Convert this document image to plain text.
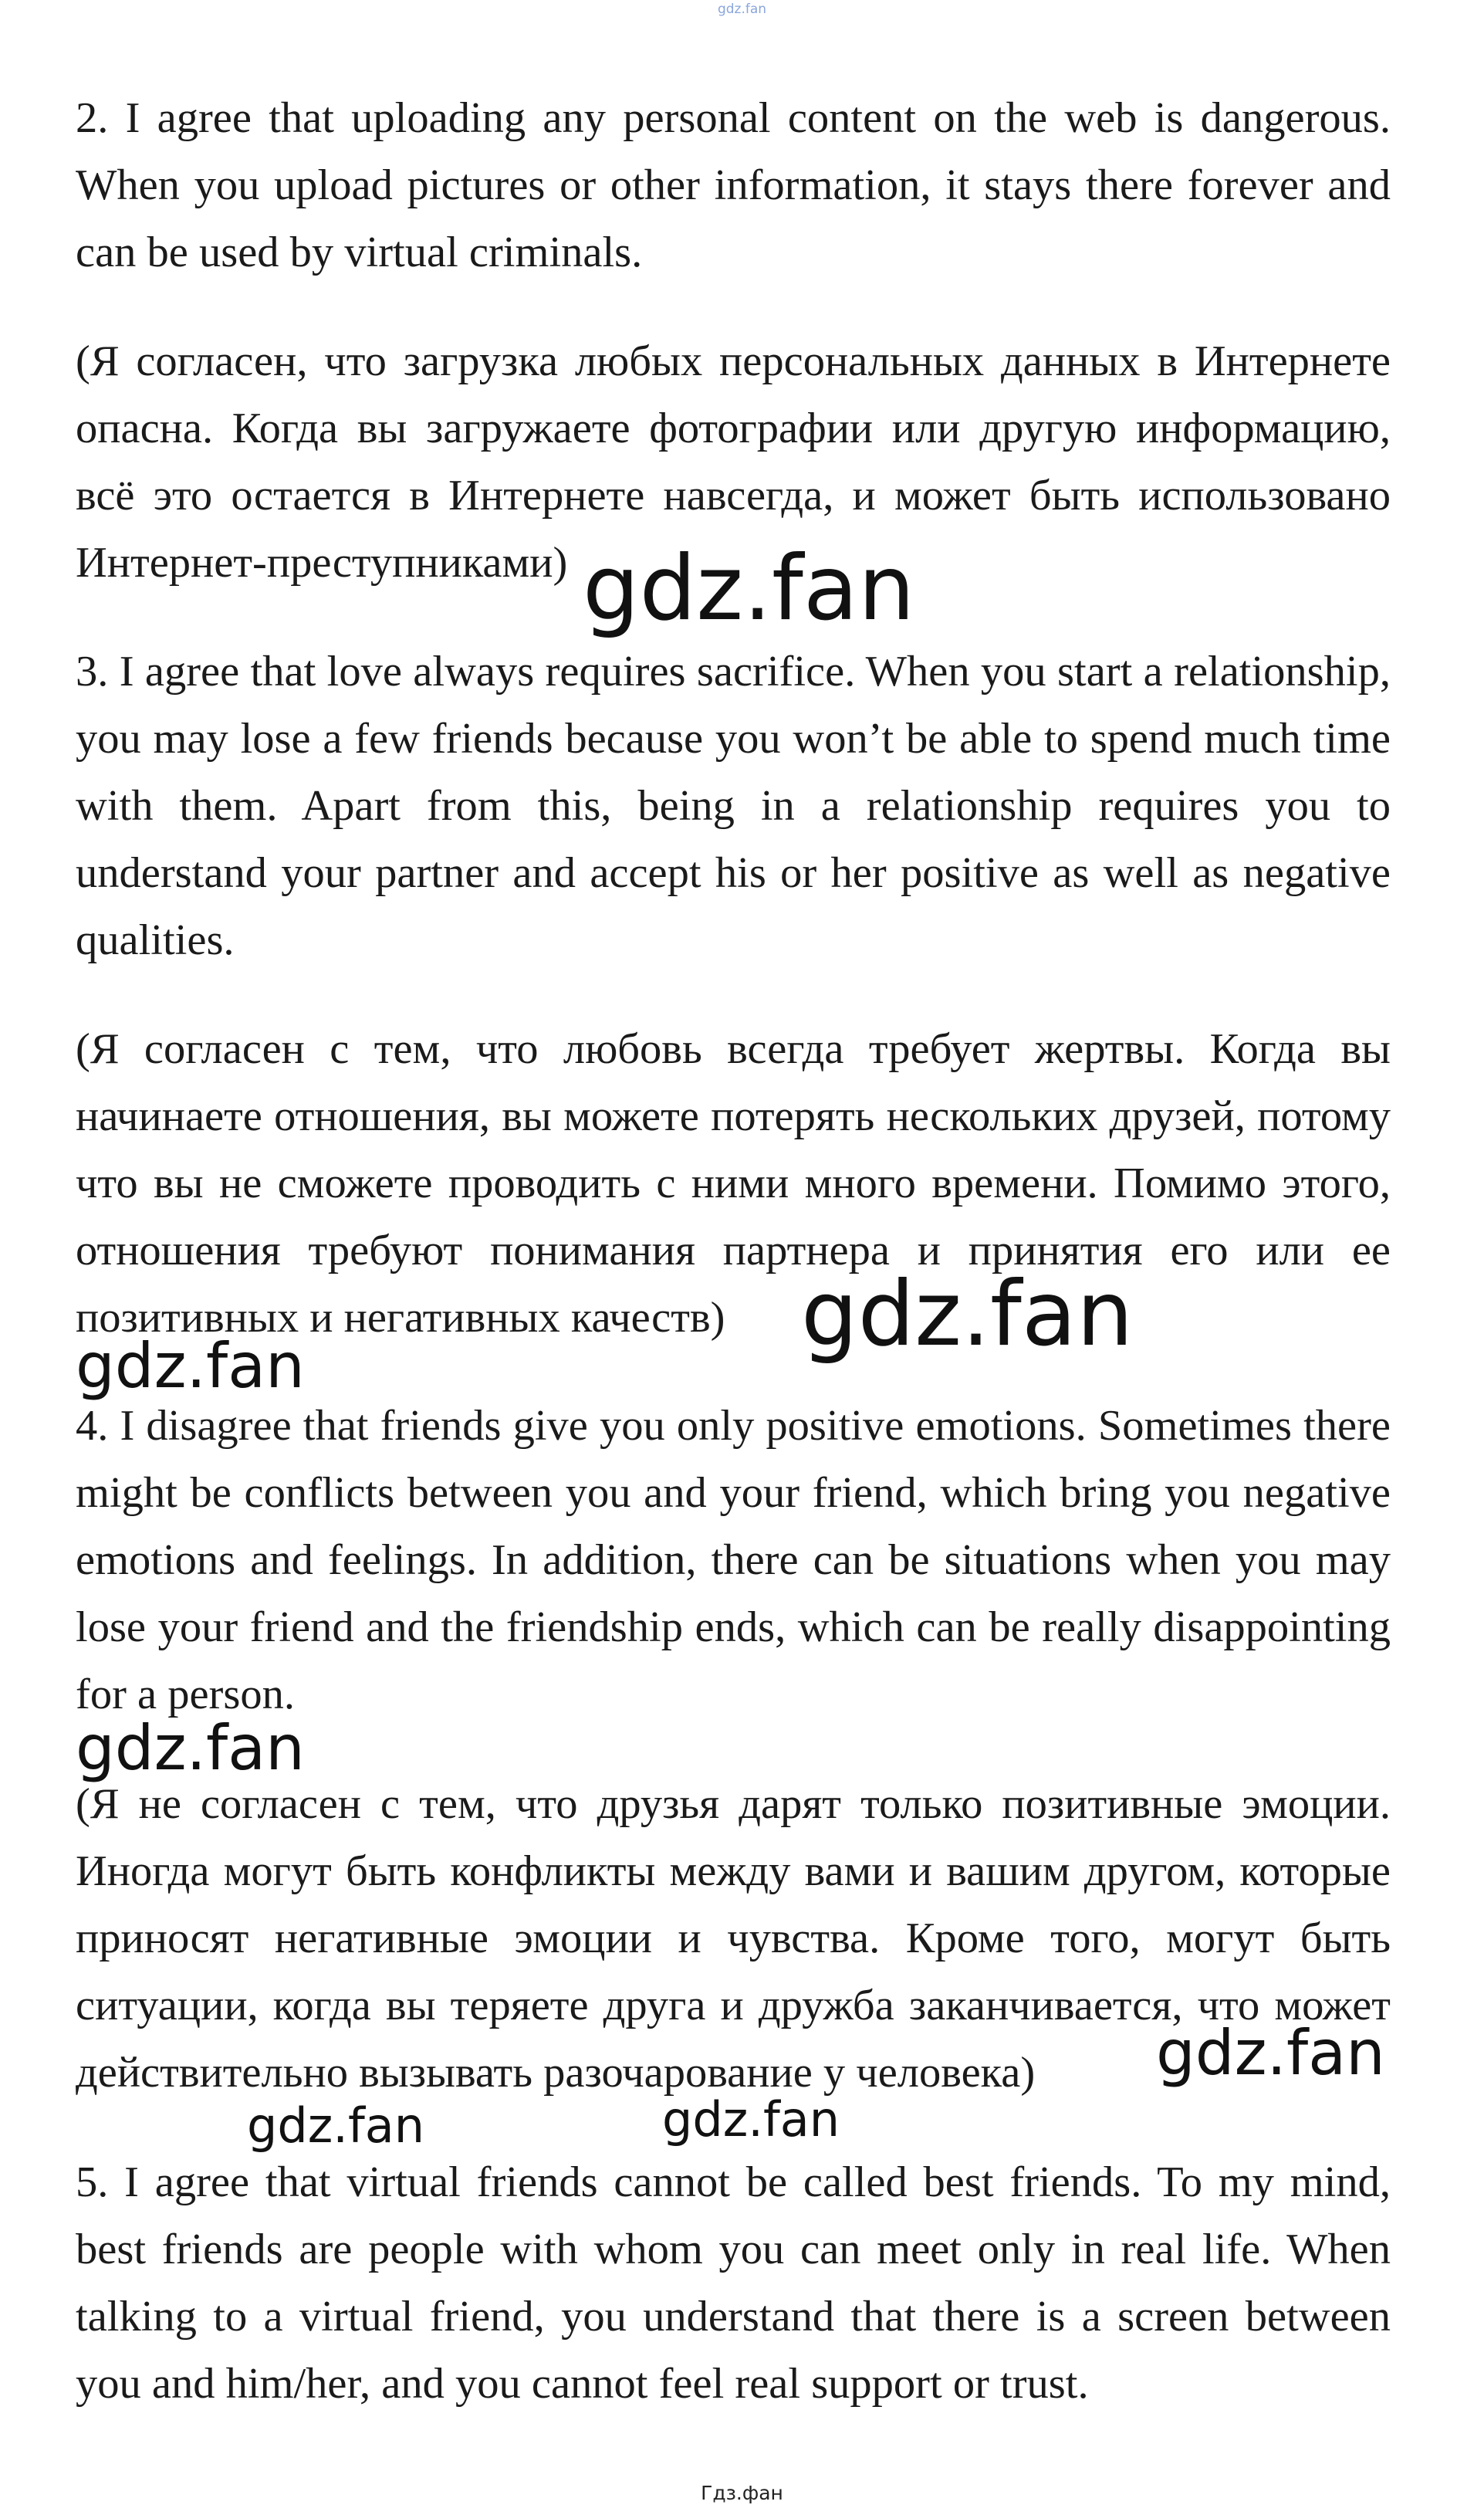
gdz.fan

2. I agree that uploading any personal content on the web is dangerous. When you upload pictures or other information, it stays there forever and can be used by virtual criminals.

(Я согласен, что загрузка любых персональных данных в Интернете опасна. Когда вы загружаете фотографии или другую информацию, всё это остается в Интернете навсегда, и может быть использовано Интернет-преступниками)

3. I agree that love always requires sacrifice. When you start a relationship, you may lose a few friends because you won’t be able to spend much time with them. Apart from this, being in a relationship requires you to understand your partner and accept his or her positive as well as negative qualities.

(Я согласен с тем, что любовь всегда требует жертвы. Когда вы начинаете отношения, вы можете потерять нескольких друзей, потому что вы не сможете проводить с ними много времени. Помимо этого, отношения требуют понимания партнера и принятия его или ее позитивных и негативных качеств)

4. I disagree that friends give you only positive emotions. Sometimes there might be conflicts between you and your friend, which bring you negative emotions and feelings. In addition, there can be situations when you may lose your friend and the friendship ends, which can be really disappointing for a person.

(Я не согласен с тем, что друзья дарят только позитивные эмоции. Иногда могут быть конфликты между вами и вашим другом, которые приносят негативные эмоции и чувства. Кроме того, могут быть ситуации, когда вы теряете друга и дружба заканчивается, что может действительно вызывать разочарование у человека)

5. I agree that virtual friends cannot be called best friends. To my mind, best friends are people with whom you can meet only in real life. When talking to a virtual friend, you understand that there is a screen between you and him/her, and you cannot feel real support or trust.

gdz.fan
gdz.fan
gdz.fan
gdz.fan
gdz.fan
gdz.fan	gdz.fan
Гдз.фан
